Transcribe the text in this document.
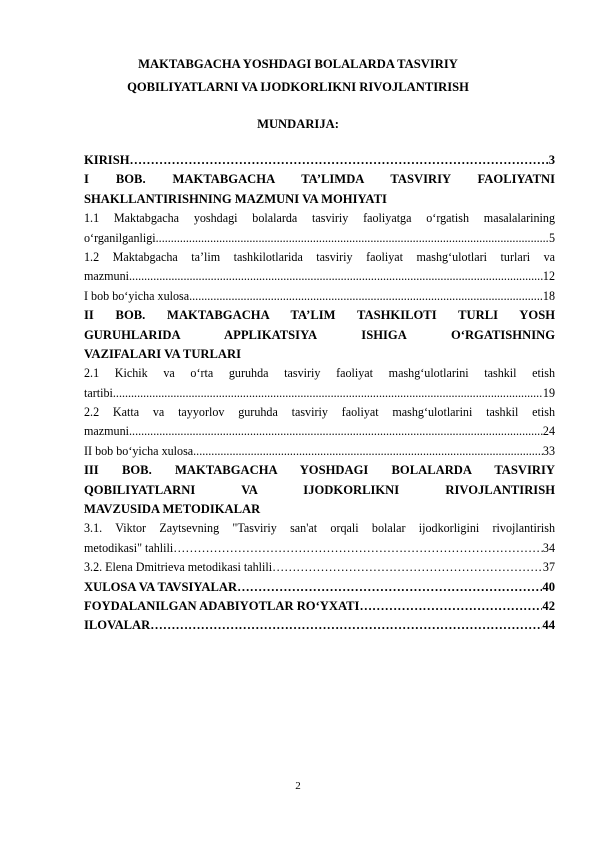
MAKTABGACHA YOSHDAGI BOLALARDA TASVIRIY

QOBILIYATLARNI VA IJODKORLIKNI RIVOJLANTIRISH

MUNDARIJA:

KIRISH …………………………………………………………………………………………………………………………………………………………………	3
I BOB. MAKTABGACHA TA’LIMDA TASVIRIY FAOLIYATNI
SHAKLLANTIRISHNING MAZMUNI VA MOHIYATI
1.1 Maktabgacha yoshdagi bolalarda tasviriy faoliyatga o‘rgatish masalalarining
o‘rganilganligi .....	5
1.2 Maktabgacha ta’lim tashkilotlarida tasviriy faoliyat mashg‘ulotlari turlari va
mazmuni .....	12
I bob bo‘yicha xulosa .....	18
II BOB. MAKTABGACHA TA’LIM TASHKILOTI TURLI YOSH
GURUHLARIDA APPLIKATSIYA ISHIGA O‘RGATISHNING
VAZIFALARI VA TURLARI
2.1 Kichik va o‘rta guruhda tasviriy faoliyat mashg‘ulotlarini tashkil etish
tartibi .....	19
2.2 Katta va tayyorlov guruhda tasviriy faoliyat mashg‘ulotlarini tashkil etish
mazmuni .....	24
II bob bo‘yicha xulosa .....	33
III BOB. MAKTABGACHA YOSHDAGI BOLALARDA TASVIRIY
QOBILIYATLARNI VA IJODKORLIKNI RIVOJLANTIRISH
MAVZUSIDA METODIKALAR
3.1. Viktor Zaytsevning "Tasviriy san'at orqali bolalar ijodkorligini rivojlantirish
metodikasi" tahlili …………………………………………………………………………………………………………………………………………………………………	34
3.2. Elena Dmitrieva metodikasi tahlili …………………………………………………………………………………………………………………………………………………………………	37
XULOSA VA TAVSIYALAR …………………………………………………………………………………………………………………………………………………………………	40
FOYDALANILGAN ADABIYOTLAR RO‘YXATI …………………………………………………………………………………………………………………………………………………………………	42
ILOVALAR …………………………………………………………………………………………………………………………………………………………………	44
2
